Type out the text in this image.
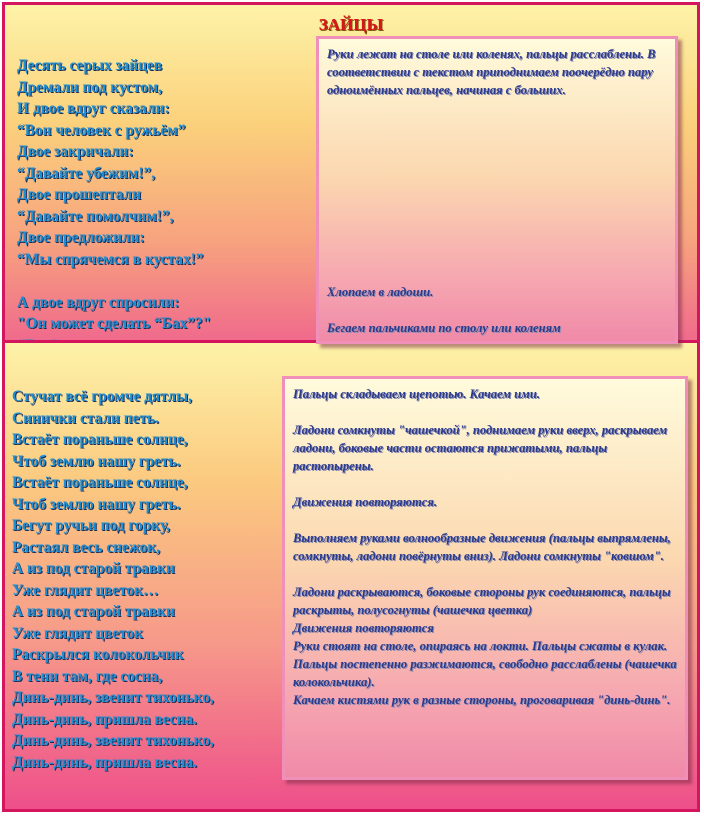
ЗАЙЦЫ
Десять серых зайцев
Дремали под кустом,
И двое вдруг сказали:
“Вон человек с ружьём”
Двое закричали:
“Давайте убежим!”,
Двое прошептали
“Давайте помолчим!”,
Двое предложили:
“Мы спрячемся в кустах!”
А двое вдруг спросили:
"Он может сделать “Бах”?"
Стучат всё громче дятлы,
Синички стали петь.
Встаёт пораньше солнце,
Чтоб землю нашу греть.
Встаёт пораньше солнце,
Чтоб землю нашу греть.
Бегут ручьи под горку,
Растаял весь снежок,
А из под старой травки
Уже глядит цветок…
А из под старой травки
Уже глядит цветок
Раскрылся колокольчик
В тени там, где сосна,
Динь-динь, звенит тихонько,
Динь-динь, пришла весна.
Динь-динь, звенит тихонько,
Динь-динь, пришла весна.

Руки лежат на столе или коленях, пальцы расслаблены. В соответствии с текстом приподнимаем поочерёдно пару одноимённых пальцев, начиная с больших.

Хлопаем в ладоши.

Бегаем пальчиками по столу или коленям

Пальцы складываем щепотью. Качаем ими.

Ладони сомкнуты "чашечкой", поднимаем руки вверх, раскрываем ладони, боковые части остаются прижатыми, пальцы растопырены.

Движения повторяются.

Выполняем руками волнообразные движения (пальцы выпрямлены, сомкнуты, ладони повёрнуты вниз). Ладони сомкнуты "ковшом".

Ладони раскрываются, боковые стороны рук соединяются, пальцы раскрыты, полусогнуты (чашечка цветка)

Движения повторяются

Руки стоят на столе, опираясь на локти. Пальцы сжаты в кулак. Пальцы постепенно разжимаются, свободно расслаблены (чашечка колокольчика).

Качаем кистями рук в разные стороны, проговаривая "динь-динь".
